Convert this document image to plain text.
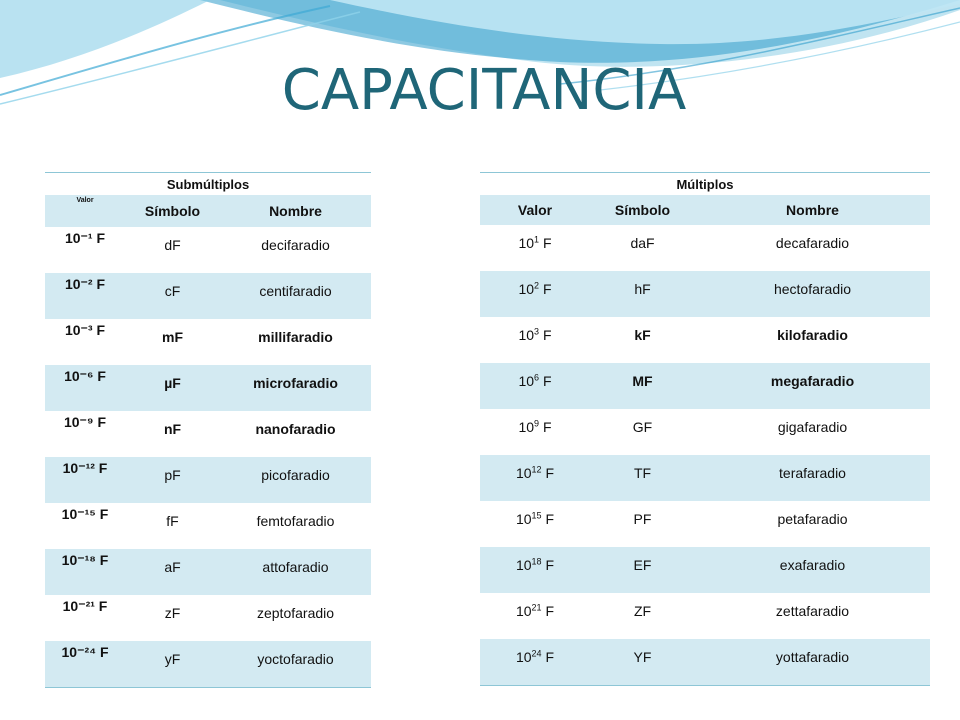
CAPACITANCIA
Submúltiplos		
Valor	Símbolo	Nombre
10⁻¹ F	dF	decifaradio
10⁻² F	cF	centifaradio
10⁻³ F	mF	millifaradio
10⁻⁶ F	µF	microfaradio
10⁻⁹ F	nF	nanofaradio
10⁻¹² F	pF	picofaradio
10⁻¹⁵ F	fF	femtofaradio
10⁻¹⁸ F	aF	attofaradio
10⁻²¹ F	zF	zeptofaradio
10⁻²⁴ F	yF	yoctofaradio
Múltiplos		
Valor	Símbolo	Nombre
$10^1$ F	daF	decafaradio
$10^2$ F	hF	hectofaradio
$10^3$ F	kF	kilofaradio
$10^6$ F	MF	megafaradio
$10^9$ F	GF	gigafaradio
$10^{12}$ F	TF	terafaradio
$10^{15}$ F	PF	petafaradio
$10^{18}$ F	EF	exafaradio
$10^{21}$ F	ZF	zettafaradio
$10^{24}$ F	YF	yottafaradio
